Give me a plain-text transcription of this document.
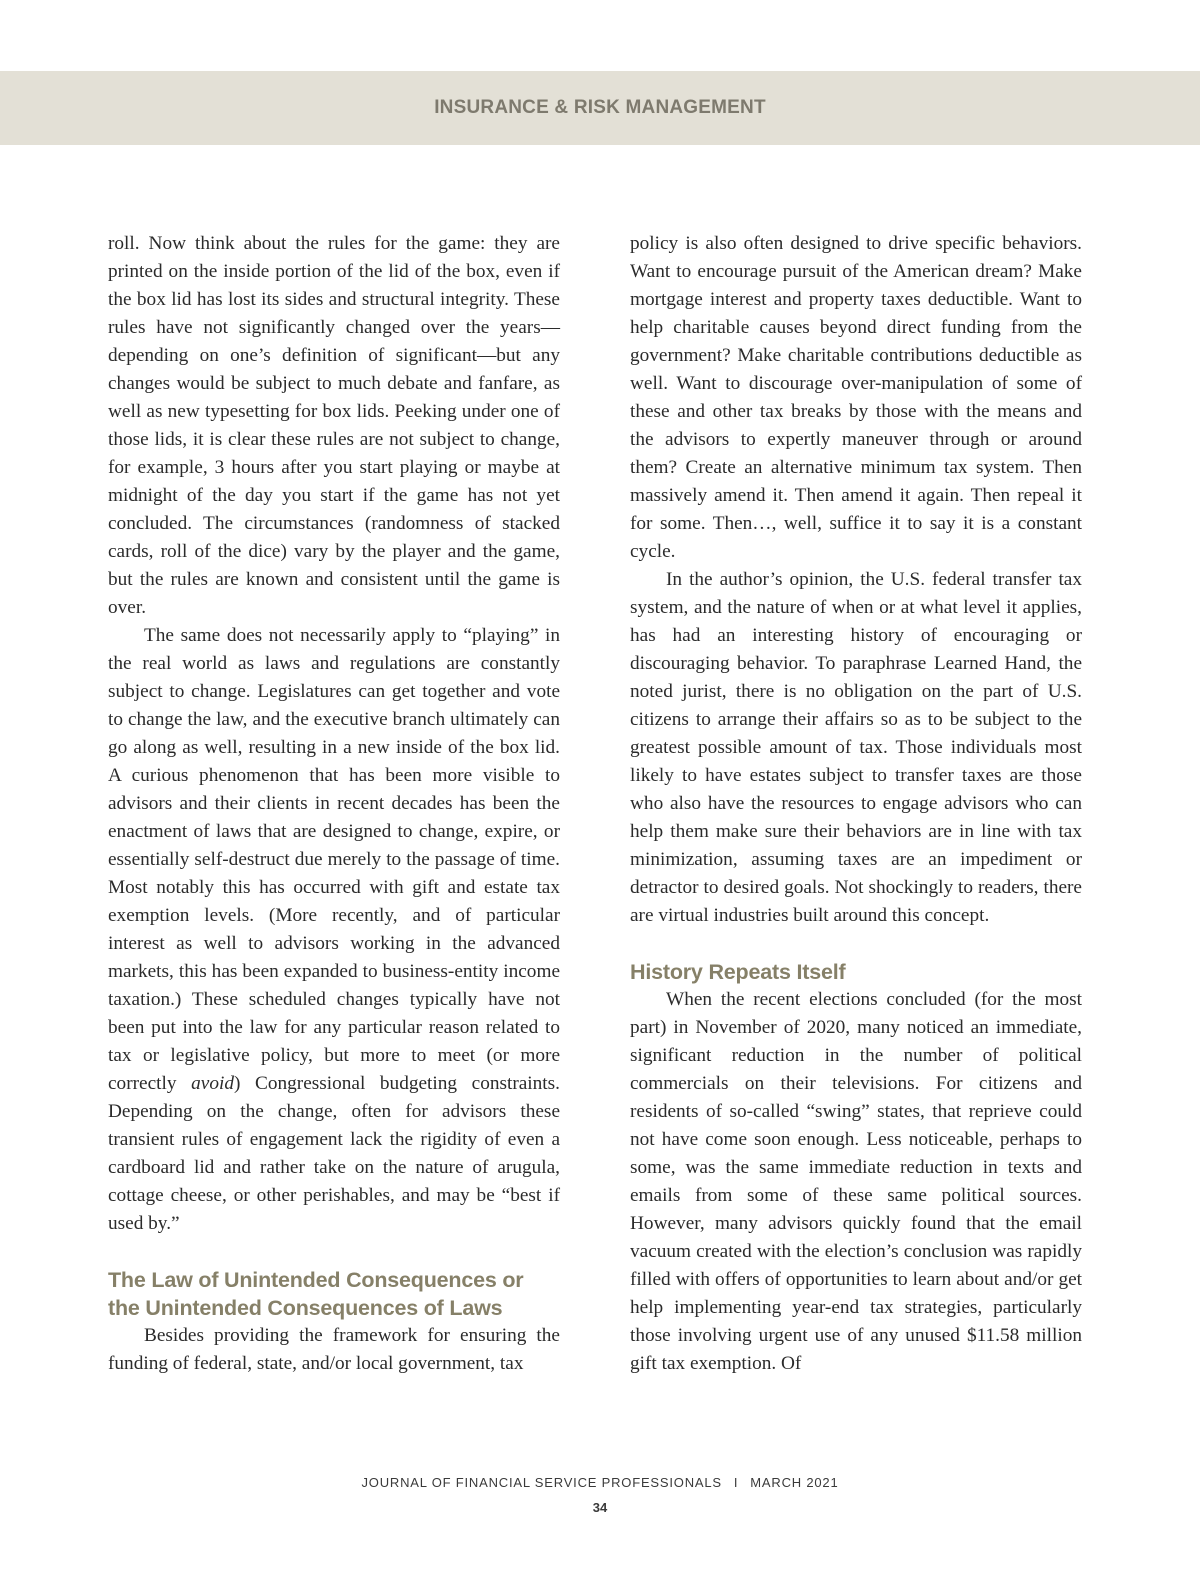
INSURANCE & RISK MANAGEMENT

roll. Now think about the rules for the game: they are printed on the inside portion of the lid of the box, even if the box lid has lost its sides and structural integrity. These rules have not significantly changed over the years—depending on one’s definition of significant—but any changes would be subject to much debate and fanfare, as well as new typesetting for box lids. Peeking under one of those lids, it is clear these rules are not subject to change, for example, 3 hours after you start playing or maybe at midnight of the day you start if the game has not yet concluded. The circumstances (randomness of stacked cards, roll of the dice) vary by the player and the game, but the rules are known and consistent until the game is over.

The same does not necessarily apply to “playing” in the real world as laws and regulations are constantly subject to change. Legislatures can get together and vote to change the law, and the executive branch ultimately can go along as well, resulting in a new inside of the box lid. A curious phenomenon that has been more visible to advisors and their clients in recent decades has been the enactment of laws that are designed to change, expire, or essentially self-destruct due merely to the passage of time. Most notably this has occurred with gift and estate tax exemption levels. (More recently, and of particular interest as well to advisors working in the advanced markets, this has been expanded to business-entity income taxation.) These scheduled changes typically have not been put into the law for any particular reason related to tax or legislative policy, but more to meet (or more correctly avoid) Congressional budgeting constraints. Depending on the change, often for advisors these transient rules of engagement lack the rigidity of even a cardboard lid and rather take on the nature of arugula, cottage cheese, or other perishables, and may be “best if used by.”

The Law of Unintended Consequences or the Unintended Consequences of Laws

Besides providing the framework for ensuring the funding of federal, state, and/or local government, tax

policy is also often designed to drive specific behaviors. Want to encourage pursuit of the American dream? Make mortgage interest and property taxes deductible. Want to help charitable causes beyond direct funding from the government? Make charitable contributions deductible as well. Want to discourage over-manipulation of some of these and other tax breaks by those with the means and the advisors to expertly maneuver through or around them? Create an alternative minimum tax system. Then massively amend it. Then amend it again. Then repeal it for some. Then…, well, suffice it to say it is a constant cycle.

In the author’s opinion, the U.S. federal transfer tax system, and the nature of when or at what level it applies, has had an interesting history of encouraging or discouraging behavior. To paraphrase Learned Hand, the noted jurist, there is no obligation on the part of U.S. citizens to arrange their affairs so as to be subject to the greatest possible amount of tax. Those individuals most likely to have estates subject to transfer taxes are those who also have the resources to engage advisors who can help them make sure their behaviors are in line with tax minimization, assuming taxes are an impediment or detractor to desired goals. Not shockingly to readers, there are virtual industries built around this concept.

History Repeats Itself

When the recent elections concluded (for the most part) in November of 2020, many noticed an immediate, significant reduction in the number of political commercials on their televisions. For citizens and residents of so-called “swing” states, that reprieve could not have come soon enough. Less noticeable, perhaps to some, was the same immediate reduction in texts and emails from some of these same political sources. However, many advisors quickly found that the email vacuum created with the election’s conclusion was rapidly filled with offers of opportunities to learn about and/or get help implementing year-end tax strategies, particularly those involving urgent use of any unused $11.58 million gift tax exemption. Of

JOURNAL OF FINANCIAL SERVICE PROFESSIONALS I MARCH 2021
34
